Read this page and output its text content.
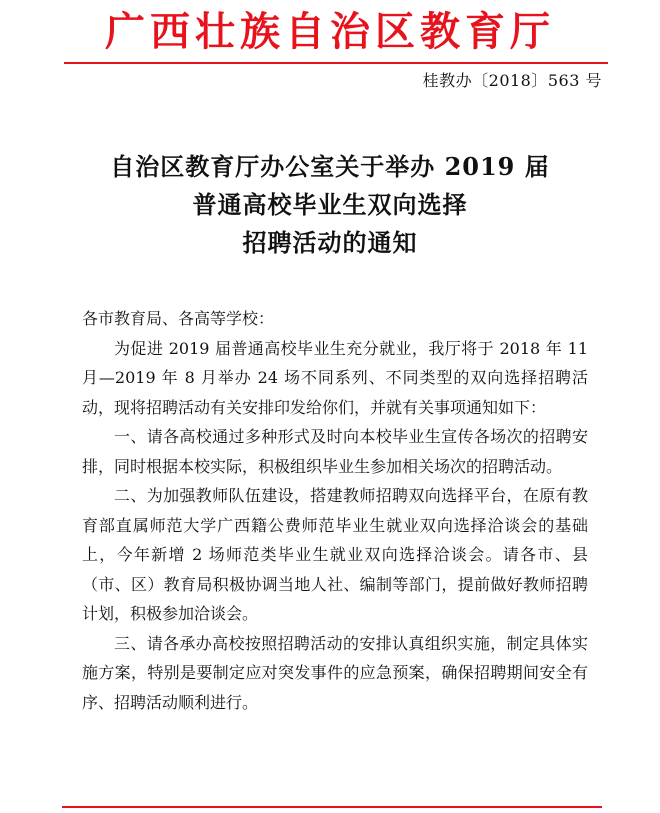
广西壮族自治区教育厅
桂教办〔2018〕563 号
自治区教育厅办公室关于举办 2019 届
普通高校毕业生双向选择
招聘活动的通知

各市教育局、各高等学校：

为促进 2019 届普通高校毕业生充分就业，我厅将于 2018 年 11 月—2019 年 8 月举办 24 场不同系列、不同类型的双向选择招聘活动，现将招聘活动有关安排印发给你们，并就有关事项通知如下：

一、请各高校通过多种形式及时向本校毕业生宣传各场次的招聘安排，同时根据本校实际，积极组织毕业生参加相关场次的招聘活动。

二、为加强教师队伍建设，搭建教师招聘双向选择平台，在原有教育部直属师范大学广西籍公费师范毕业生就业双向选择洽谈会的基础上，今年新增 2 场师范类毕业生就业双向选择洽谈会。请各市、县（市、区）教育局积极协调当地人社、编制等部门，提前做好教师招聘计划，积极参加洽谈会。

三、请各承办高校按照招聘活动的安排认真组织实施，制定具体实施方案，特别是要制定应对突发事件的应急预案，确保招聘期间安全有序、招聘活动顺利进行。
